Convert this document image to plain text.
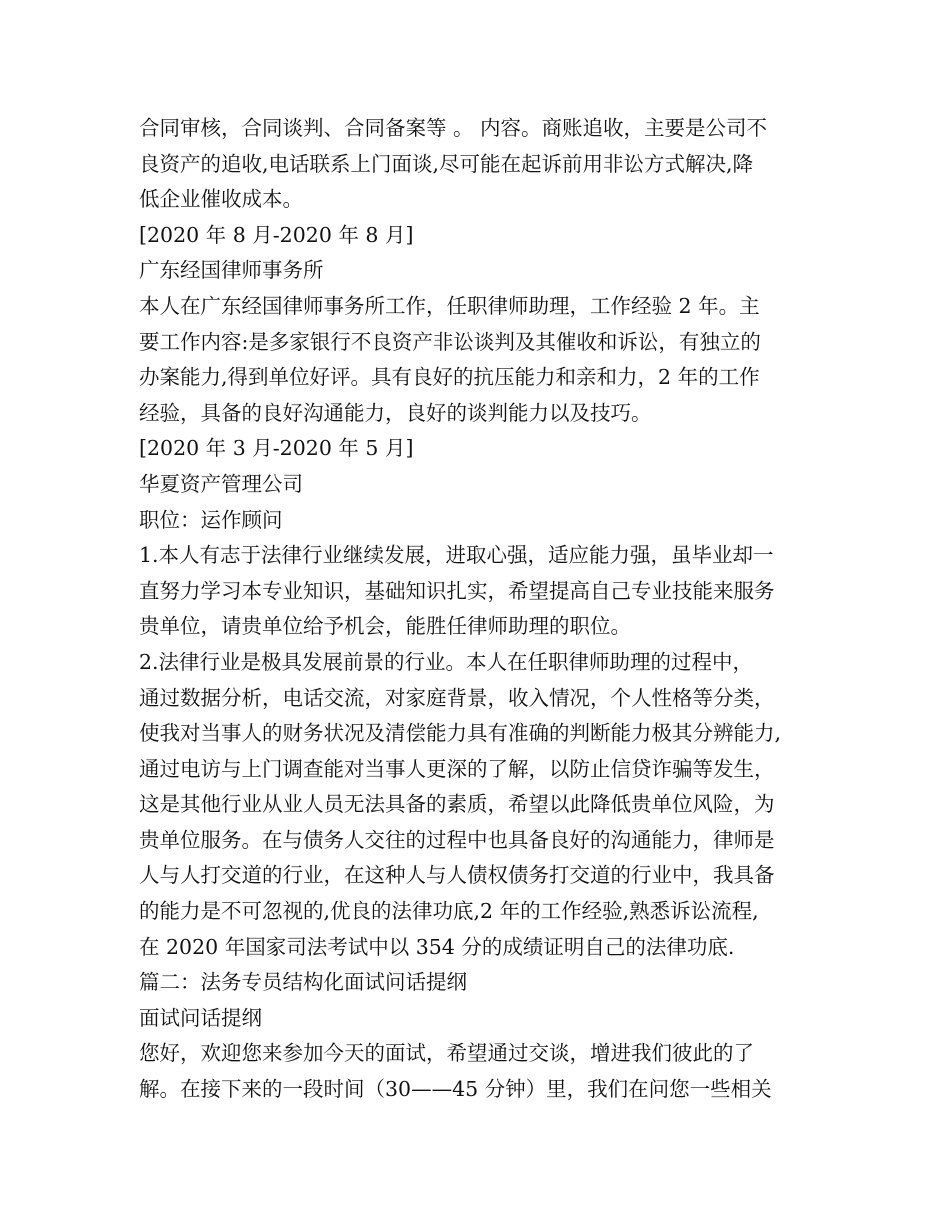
合同审核，合同谈判、合同备案等 。 内容。商账追收，主要是公司不
良资产的追收,电话联系上门面谈,尽可能在起诉前用非讼方式解决,降
低企业催收成本。
[2020 年 8 月-2020 年 8 月]
广东经国律师事务所
本人在广东经国律师事务所工作，任职律师助理，工作经验 2 年。主
要工作内容:是多家银行不良资产非讼谈判及其催收和诉讼，有独立的
办案能力,得到单位好评。具有良好的抗压能力和亲和力，2 年的工作
经验，具备的良好沟通能力，良好的谈判能力以及技巧。
[2020 年 3 月-2020 年 5 月]
华夏资产管理公司
职位：运作顾问
1.本人有志于法律行业继续发展，进取心强，适应能力强，虽毕业却一
直努力学习本专业知识，基础知识扎实，希望提高自己专业技能来服务
贵单位，请贵单位给予机会，能胜任律师助理的职位。
2.法律行业是极具发展前景的行业。本人在任职律师助理的过程中，
通过数据分析，电话交流，对家庭背景，收入情况，个人性格等分类，
使我对当事人的财务状况及清偿能力具有准确的判断能力极其分辨能力,
通过电访与上门调查能对当事人更深的了解，以防止信贷诈骗等发生，
这是其他行业从业人员无法具备的素质，希望以此降低贵单位风险，为
贵单位服务。在与债务人交往的过程中也具备良好的沟通能力，律师是
人与人打交道的行业，在这种人与人债权债务打交道的行业中，我具备
的能力是不可忽视的,优良的法律功底,2 年的工作经验,熟悉诉讼流程,
在 2020 年国家司法考试中以 354 分的成绩证明自己的法律功底.
篇二：法务专员结构化面试问话提纲
面试问话提纲
您好，欢迎您来参加今天的面试，希望通过交谈，增进我们彼此的了
解。在接下来的一段时间（30——45 分钟）里，我们在问您一些相关
